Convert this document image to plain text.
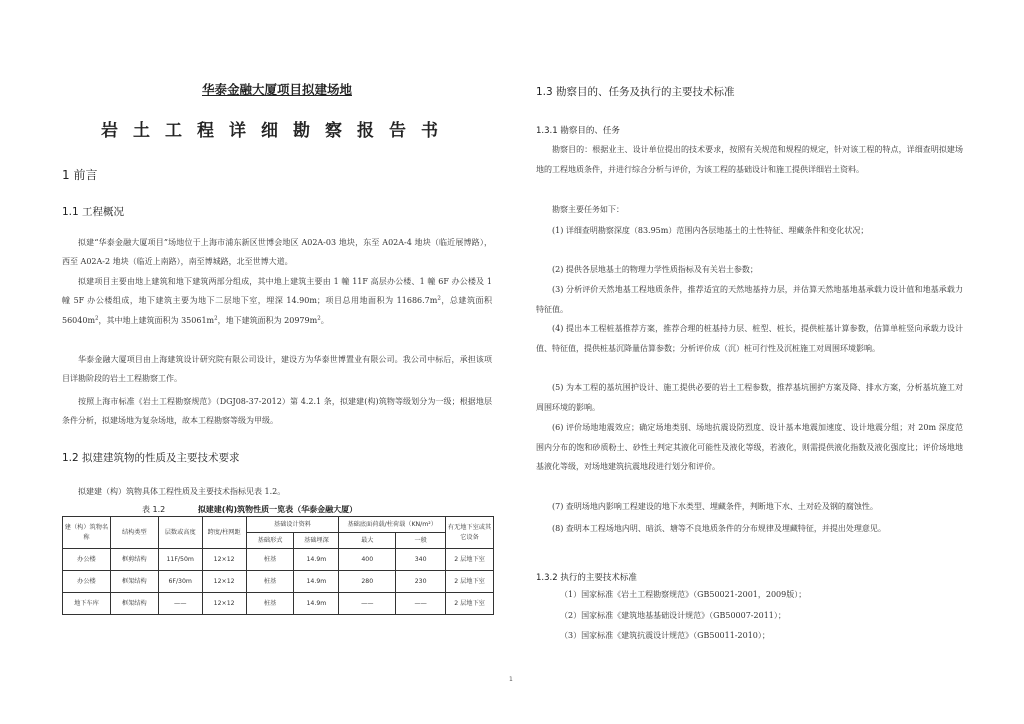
华泰金融大厦项目拟建场地
岩土工程详细勘察报告书
1 前言
1.1 工程概况

拟建“华泰金融大厦项目”场地位于上海市浦东新区世博会地区 A02A-03 地块，东至 A02A-4 地块（临近展博路），西至 A02A-2 地块（临近上南路），南至博城路，北至世博大道。

拟建项目主要由地上建筑和地下建筑两部分组成，其中地上建筑主要由 1 幢 11F 高层办公楼、1 幢 6F 办公楼及 1 幢 5F 办公楼组成，地下建筑主要为地下二层地下室，埋深 14.90m；项目总用地面积为 $11686.7m^2$，总建筑面积 $56040m^2$，其中地上建筑面积为 $35061m^2$，地下建筑面积为 $20979m^2$。

华泰金融大厦项目由上海建筑设计研究院有限公司设计，建设方为华泰世博置业有限公司。我公司中标后，承担该项目详勘阶段的岩土工程勘察工作。

按照上海市标准《岩土工程勘察规范》（DGJ08-37-2012）第 4.2.1 条，拟建建(构)筑物等级划分为一级；根据地层条件分析，拟建场地为复杂场地，故本工程勘察等级为甲级。

1.2 拟建建筑物的性质及主要技术要求

拟建建（构）筑物具体工程性质及主要技术指标见表 1.2。

表 1.2	拟建建(构)筑物性质一览表（华泰金融大厦）
建（构）筑物名称	结构类型	层数或高度	跨度/柱网距	基础设计资料		基础底面荷载/柱荷载（KN/m²）		有无地下室或其它设备
				基础形式	基础埋深	最大	一般	
办公楼	框剪结构	11F/50m	12×12	桩基	14.9m	400	340	2 层地下室
办公楼	框架结构	6F/30m	12×12	桩基	14.9m	280	230	2 层地下室
地下车库	框架结构	——	12×12	桩基	14.9m	——	——	2 层地下室
1.3 勘察目的、任务及执行的主要技术标准
1.3.1 勘察目的、任务

勘察目的：根据业主、设计单位提出的技术要求，按照有关规范和规程的规定，针对该工程的特点，详细查明拟建场地的工程地质条件，并进行综合分析与评价，为该工程的基础设计和施工提供详细岩土资料。

勘察主要任务如下：

(1) 详细查明勘察深度（83.95m）范围内各层地基土的土性特征、埋藏条件和变化状况；

(2) 提供各层地基土的物理力学性质指标及有关岩土参数；

(3) 分析评价天然地基工程地质条件，推荐适宜的天然地基持力层，并估算天然地基地基承载力设计值和地基承载力特征值。

(4) 提出本工程桩基推荐方案，推荐合理的桩基持力层、桩型、桩长，提供桩基计算参数，估算单桩竖向承载力设计值、特征值，提供桩基沉降量估算参数；分析评价成（沉）桩可行性及沉桩施工对周围环境影响。

(5) 为本工程的基坑围护设计、施工提供必要的岩土工程参数，推荐基坑围护方案及降、排水方案，分析基坑施工对周围环境的影响。

(6) 评价场地地震效应；确定场地类别、场地抗震设防烈度、设计基本地震加速度、设计地震分组；对 20m 深度范围内分布的饱和砂质粉土、砂性土判定其液化可能性及液化等级，若液化，则需提供液化指数及液化强度比；评价场地地基液化等级，对场地建筑抗震地段进行划分和评价。

(7) 查明场地内影响工程建设的地下水类型、埋藏条件，判断地下水、土对砼及钢的腐蚀性。

(8) 查明本工程场地内明、暗浜、塘等不良地质条件的分布规律及埋藏特征，并提出处理意见。

1.3.2 执行的主要技术标准
（1）国家标准《岩土工程勘察规范》（GB50021-2001，2009版）；
（2）国家标准《建筑地基基础设计规范》（GB50007-2011）；
（3）国家标准《建筑抗震设计规范》（GB50011-2010）；
1
